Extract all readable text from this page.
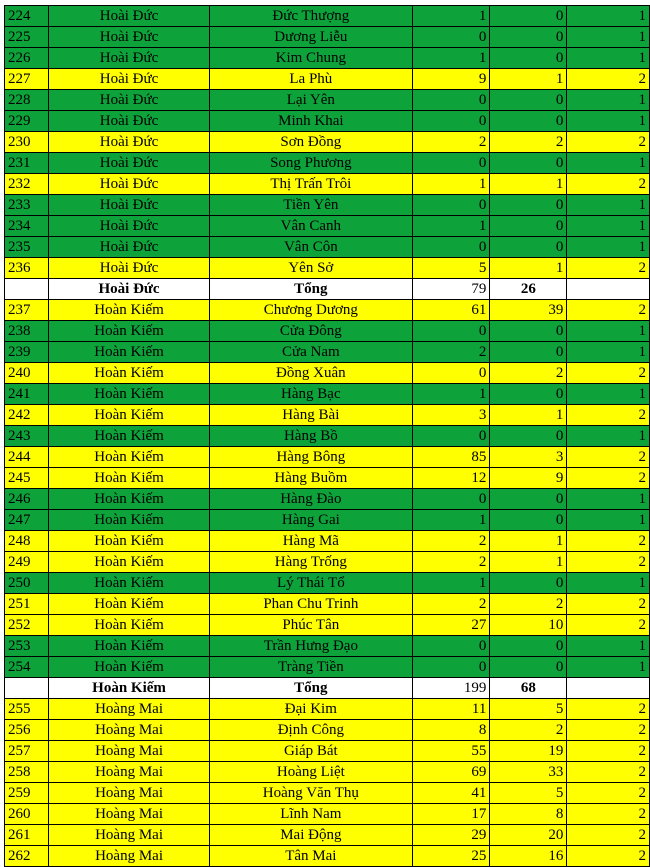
224	Hoài Đức	Đức Thượng	1	0	1
225	Hoài Đức	Dương Liễu	0	0	1
226	Hoài Đức	Kim Chung	1	0	1
227	Hoài Đức	La Phù	9	1	2
228	Hoài Đức	Lại Yên	0	0	1
229	Hoài Đức	Minh Khai	0	0	1
230	Hoài Đức	Sơn Đồng	2	2	2
231	Hoài Đức	Song Phương	0	0	1
232	Hoài Đức	Thị Trấn Trôi	1	1	2
233	Hoài Đức	Tiền Yên	0	0	1
234	Hoài Đức	Vân Canh	1	0	1
235	Hoài Đức	Vân Côn	0	0	1
236	Hoài Đức	Yên Sở	5	1	2
	Hoài Đức	Tổng	79	26	
237	Hoàn Kiếm	Chương Dương	61	39	2
238	Hoàn Kiếm	Cửa Đông	0	0	1
239	Hoàn Kiếm	Cửa Nam	2	0	1
240	Hoàn Kiếm	Đồng Xuân	0	2	2
241	Hoàn Kiếm	Hàng Bạc	1	0	1
242	Hoàn Kiếm	Hàng Bài	3	1	2
243	Hoàn Kiếm	Hàng Bồ	0	0	1
244	Hoàn Kiếm	Hàng Bông	85	3	2
245	Hoàn Kiếm	Hàng Buồm	12	9	2
246	Hoàn Kiếm	Hàng Đào	0	0	1
247	Hoàn Kiếm	Hàng Gai	1	0	1
248	Hoàn Kiếm	Hàng Mã	2	1	2
249	Hoàn Kiếm	Hàng Trống	2	1	2
250	Hoàn Kiếm	Lý Thái Tổ	1	0	1
251	Hoàn Kiếm	Phan Chu Trinh	2	2	2
252	Hoàn Kiếm	Phúc Tân	27	10	2
253	Hoàn Kiếm	Trần Hưng Đạo	0	0	1
254	Hoàn Kiếm	Tràng Tiền	0	0	1
	Hoàn Kiếm	Tổng	199	68	
255	Hoàng Mai	Đại Kim	11	5	2
256	Hoàng Mai	Định Công	8	2	2
257	Hoàng Mai	Giáp Bát	55	19	2
258	Hoàng Mai	Hoàng Liệt	69	33	2
259	Hoàng Mai	Hoàng Văn Thụ	41	5	2
260	Hoàng Mai	Lĩnh Nam	17	8	2
261	Hoàng Mai	Mai Động	29	20	2
262	Hoàng Mai	Tân Mai	25	16	2
